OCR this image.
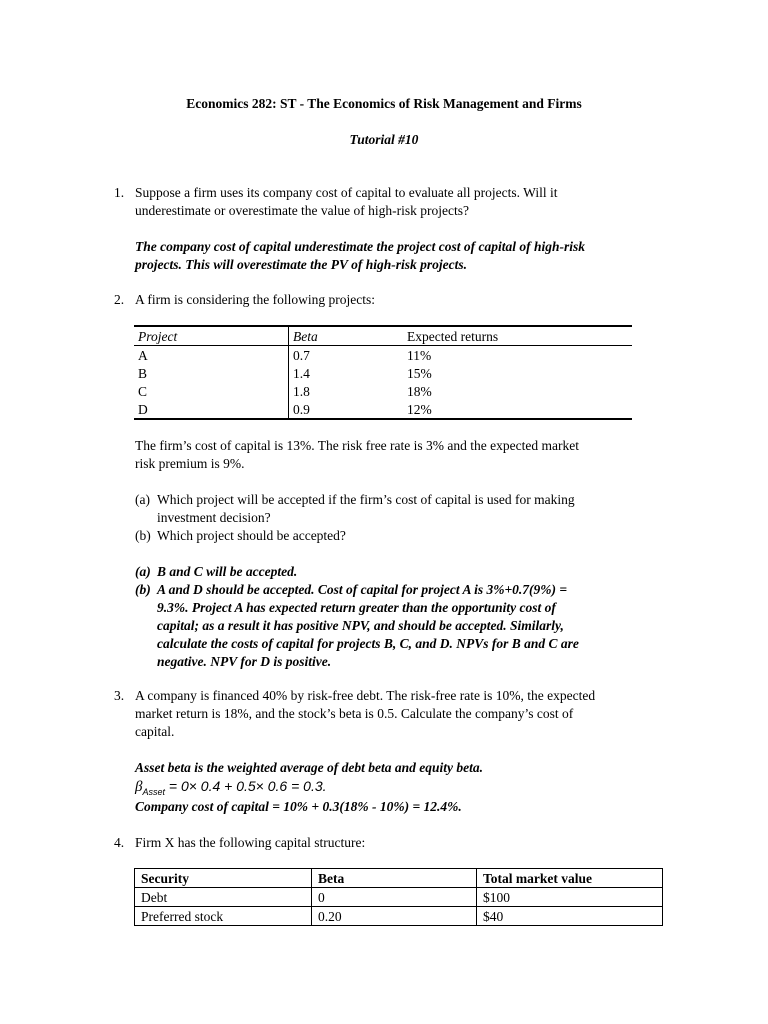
Economics 282: ST - The Economics of Risk Management and Firms
Tutorial #10
1. Suppose a firm uses its company cost of capital to evaluate all projects. Will it
underestimate or overestimate the value of high-risk projects?
The company cost of capital underestimate the project cost of capital of high-risk
projects. This will overestimate the PV of high-risk projects.
2. A firm is considering the following projects:
Project	Beta	Expected returns
A	0.7	11%
B	1.4	15%
C	1.8	18%
D	0.9	12%
The firm’s cost of capital is 13%. The risk free rate is 3% and the expected market
risk premium is 9%.
(a) Which project will be accepted if the firm’s cost of capital is used for making
investment decision?
(b) Which project should be accepted?
(a) B and C will be accepted.
(b) A and D should be accepted. Cost of capital for project A is 3%+0.7(9%) =
9.3%. Project A has expected return greater than the opportunity cost of
capital; as a result it has positive NPV, and should be accepted. Similarly,
calculate the costs of capital for projects B, C, and D. NPVs for B and C are
negative. NPV for D is positive.
3. A company is financed 40% by risk-free debt. The risk-free rate is 10%, the expected
market return is 18%, and the stock’s beta is 0.5. Calculate the company’s cost of
capital.
Asset beta is the weighted average of debt beta and equity beta.
$\beta_{Asset} = 0\times 0.4 + 0.5\times 0.6 = 0.3$.
Company cost of capital = 10% + 0.3(18% - 10%) = 12.4%.
4. Firm X has the following capital structure:
Security	Beta	Total market value
Debt	0	$100
Preferred stock	0.20	$40
